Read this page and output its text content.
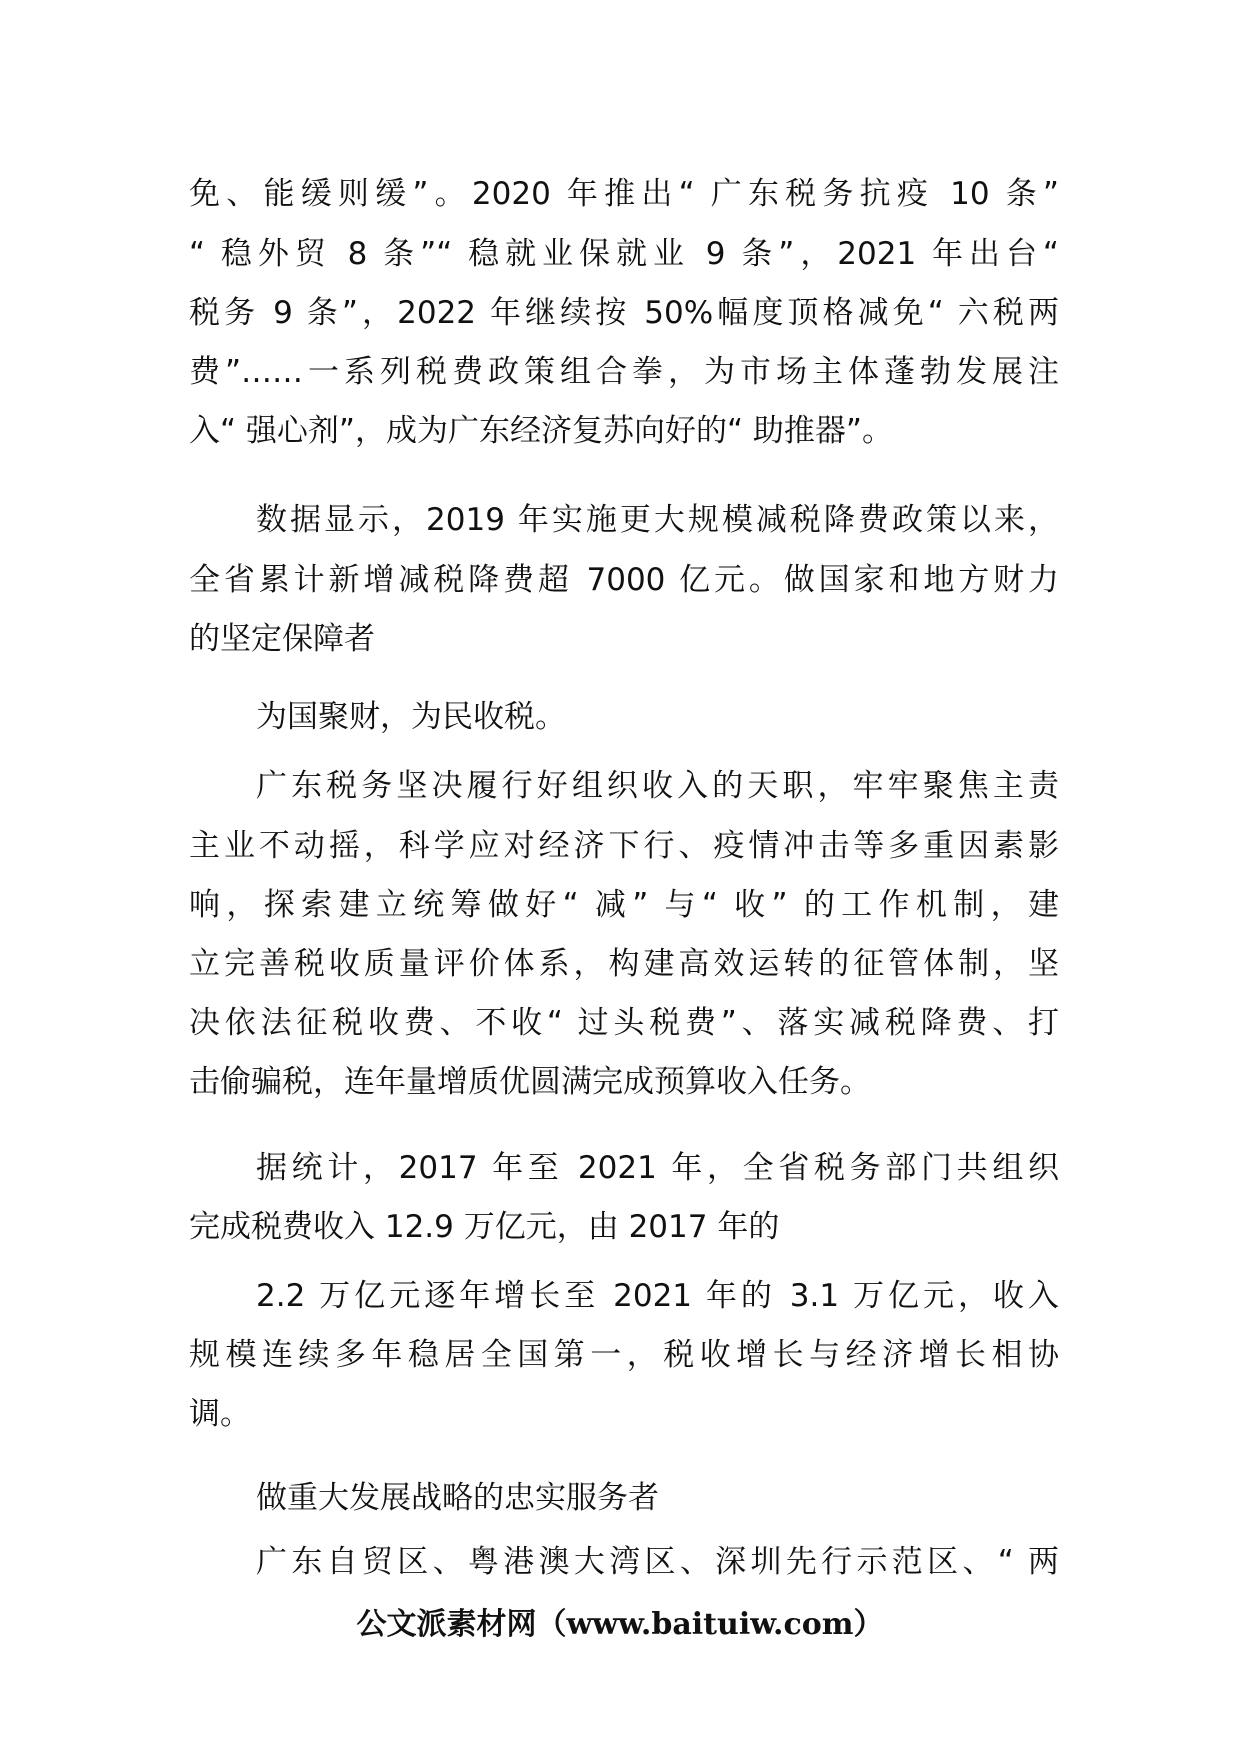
免、能缓则缓”。2020 年推出“ 广东税务抗疫 10 条”
“ 稳外贸 8 条”“ 稳就业保就业 9 条”，2021 年出台“
税务 9 条”，2022 年继续按 50%幅度顶格减免“ 六税两
费”……一系列税费政策组合拳，为市场主体蓬勃发展注
入“ 强心剂”，成为广东经济复苏向好的“ 助推器”。
数据显示，2019 年实施更大规模减税降费政策以来，
全省累计新增减税降费超 7000 亿元。做国家和地方财力
的坚定保障者
为国聚财，为民收税。
广东税务坚决履行好组织收入的天职，牢牢聚焦主责
主业不动摇，科学应对经济下行、疫情冲击等多重因素影
响，探索建立统筹做好“ 减” 与“ 收” 的工作机制，建
立完善税收质量评价体系，构建高效运转的征管体制，坚
决依法征税收费、不收“ 过头税费”、落实减税降费、打
击偷骗税，连年量增质优圆满完成预算收入任务。
据统计，2017 年至 2021 年，全省税务部门共组织
完成税费收入 12.9 万亿元，由 2017 年的
2.2 万亿元逐年增长至 2021 年的 3.1 万亿元，收入
规模连续多年稳居全国第一，税收增长与经济增长相协
调。
做重大发展战略的忠实服务者
广东自贸区、粤港澳大湾区、深圳先行示范区、“ 两
公文派素材网（www.baituiw.com）
